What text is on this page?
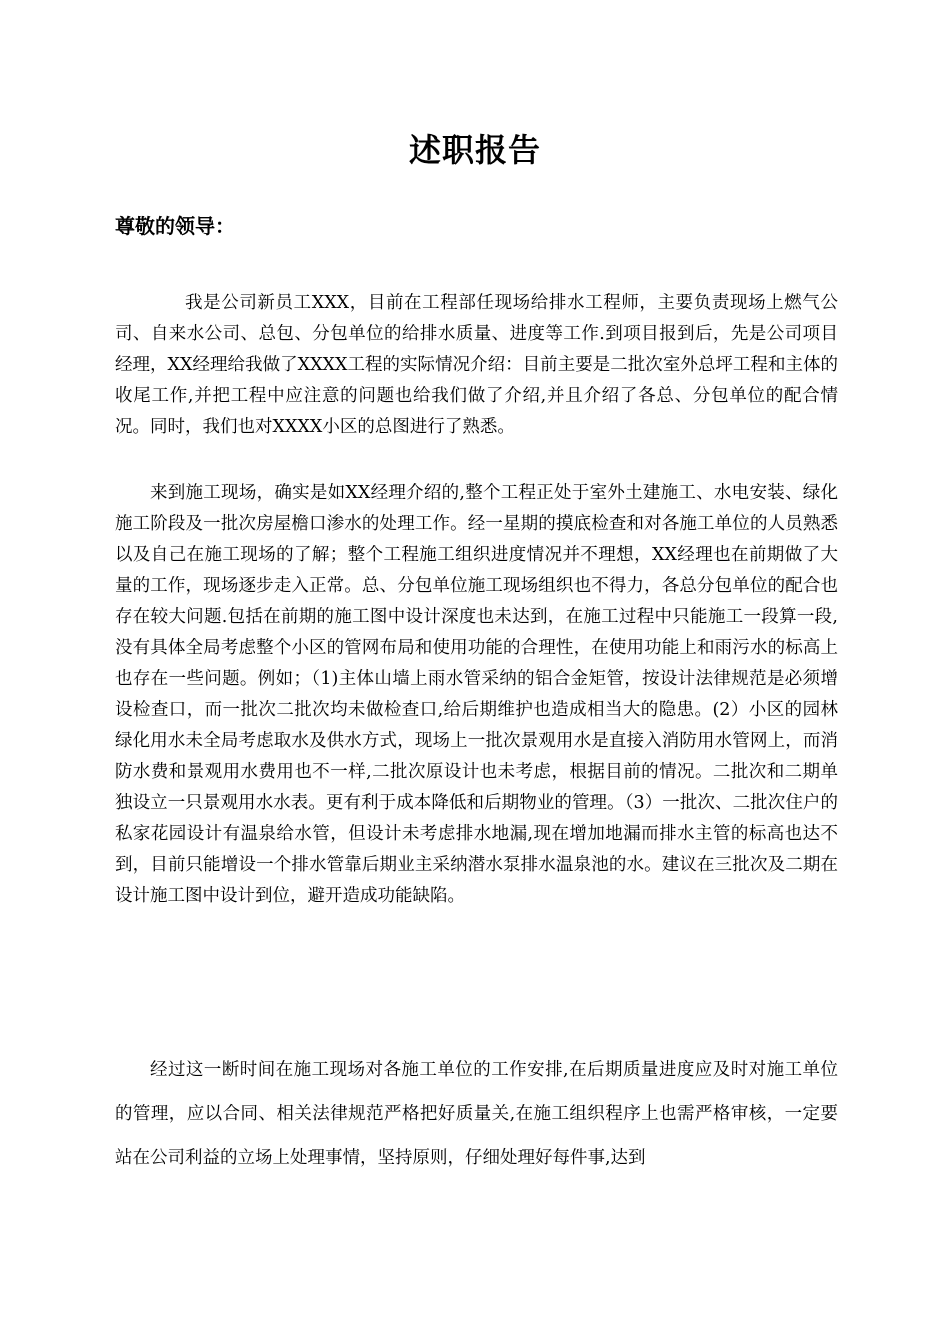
述职报告
尊敬的领导：

我是公司新员工XXX，目前在工程部任现场给排水工程师，主要负责现场上燃气公司、自来水公司、总包、分包单位的给排水质量、进度等工作.到项目报到后，先是公司项目经理，XX经理给我做了XXXX工程的实际情况介绍：目前主要是二批次室外总坪工程和主体的收尾工作,并把工程中应注意的问题也给我们做了介绍,并且介绍了各总、分包单位的配合情况。同时，我们也对XXXX小区的总图进行了熟悉。

来到施工现场，确实是如XX经理介绍的,整个工程正处于室外土建施工、水电安装、绿化施工阶段及一批次房屋檐口渗水的处理工作。经一星期的摸底检查和对各施工单位的人员熟悉以及自己在施工现场的了解；整个工程施工组织进度情况并不理想，XX经理也在前期做了大量的工作，现场逐步走入正常。总、分包单位施工现场组织也不得力，各总分包单位的配合也存在较大问题.包括在前期的施工图中设计深度也未达到，在施工过程中只能施工一段算一段,没有具体全局考虑整个小区的管网布局和使用功能的合理性，在使用功能上和雨污水的标高上也存在一些问题。例如；（1)主体山墙上雨水管采纳的铝合金矩管，按设计法律规范是必须增设检查口，而一批次二批次均未做检查口,给后期维护也造成相当大的隐患。(2）小区的园林绿化用水未全局考虑取水及供水方式，现场上一批次景观用水是直接入消防用水管网上，而消防水费和景观用水费用也不一样,二批次原设计也未考虑，根据目前的情况。二批次和二期单独设立一只景观用水水表。更有利于成本降低和后期物业的管理。（3）一批次、二批次住户的私家花园设计有温泉给水管，但设计未考虑排水地漏,现在增加地漏而排水主管的标高也达不到，目前只能增设一个排水管靠后期业主采纳潜水泵排水温泉池的水。建议在三批次及二期在设计施工图中设计到位，避开造成功能缺陷。

经过这一断时间在施工现场对各施工单位的工作安排,在后期质量进度应及时对施工单位的管理，应以合同、相关法律规范严格把好质量关,在施工组织程序上也需严格审核，一定要站在公司利益的立场上处理事情，坚持原则，仔细处理好每件事,达到
